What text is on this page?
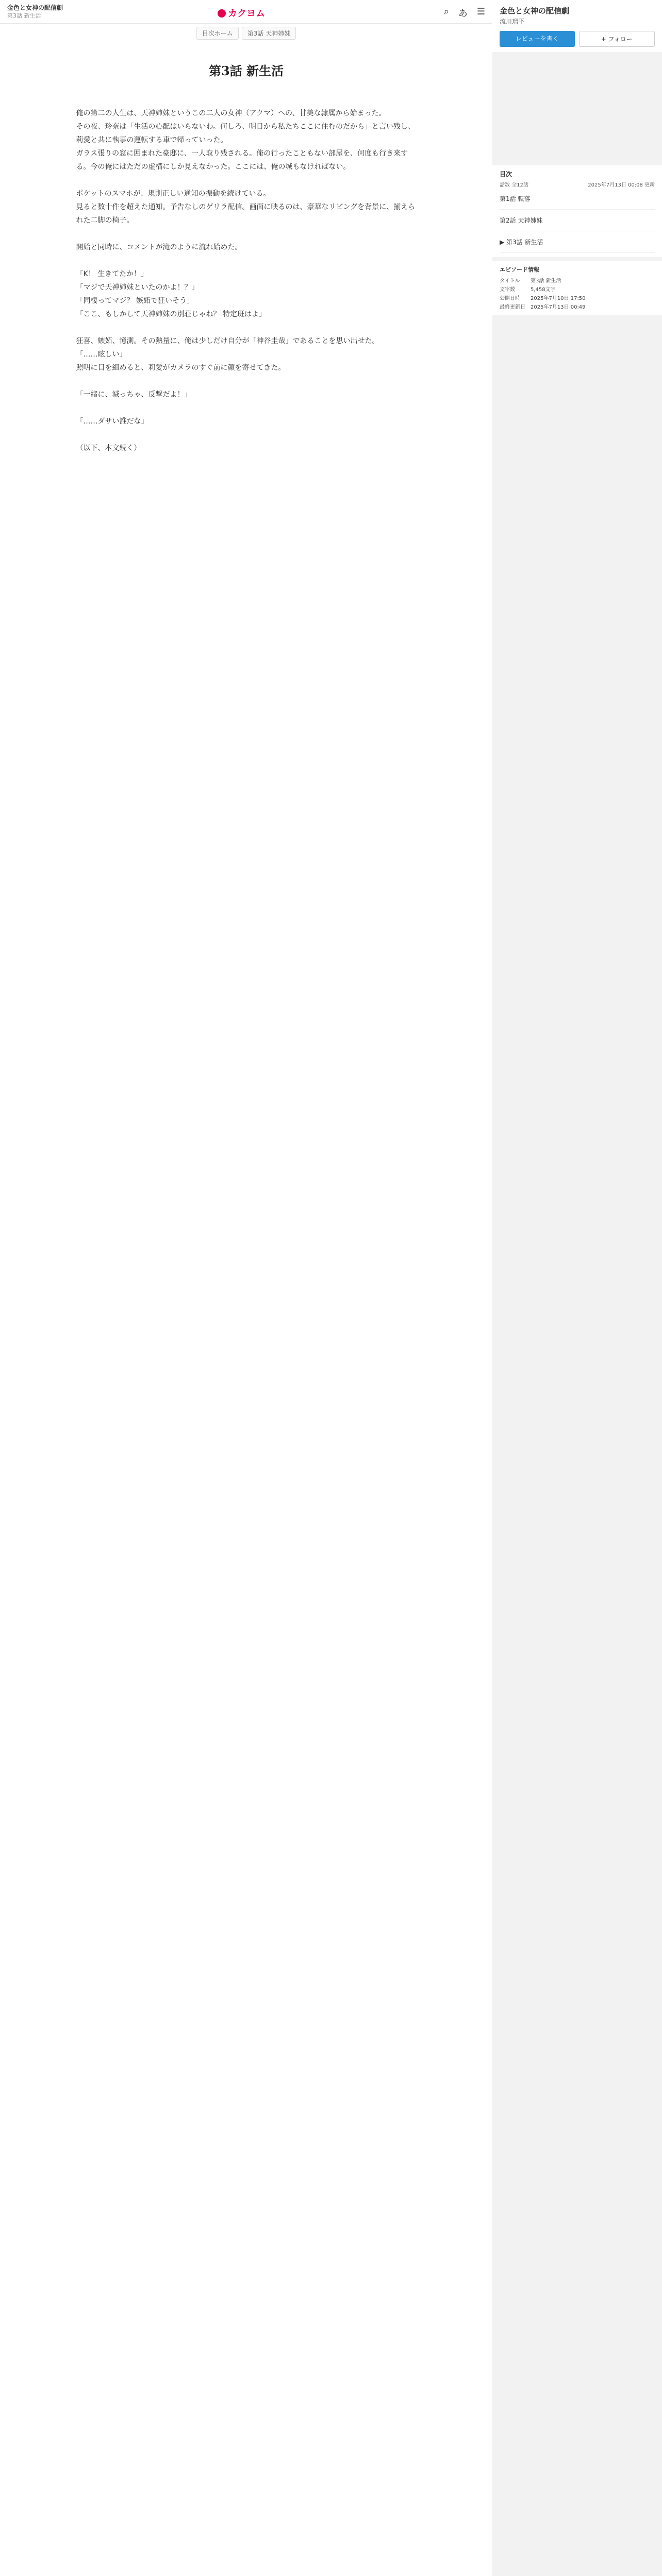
金色と女神の配信劇
第3話 新生活	カクヨム	⌕ あ ☰
目次ホーム	第3話 天神姉妹
第3話 新生活

俺の第二の人生は、天神姉妹というこの二人の女神（アクマ）への、甘美な隷属から始まった。

その夜、玲奈は「生活の心配はいらないわ。何しろ、明日から私たちここに住むのだから」と言い残し、莉愛と共に執事の運転する車で帰っていった。

ガラス張りの窓に囲まれた豪邸に、一人取り残される。俺の行ったこともない部屋を、何度も行き来する。今の俺にはただの虚構にしか見えなかった。ここには、俺の城もなければない。

ポケットのスマホが、規則正しい通知の振動を続けている。

見ると数十件を超えた通知。予告なしのゲリラ配信。画面に映るのは、豪華なリビングを背景に、揃えられた二脚の椅子。

開始と同時に、コメントが滝のように流れ始めた。

「K！ 生きてたか！」

「マジで天神姉妹といたのかよ！？」

「同棲ってマジ？ 嫉妬で狂いそう」

「ここ、もしかして天神姉妹の別荘じゃね？ 特定班はよ」

狂喜、嫉妬、憶測。その熱量に、俺は少しだけ自分が「神谷圭哉」であることを思い出せた。

「……眩しい」

照明に目を細めると、莉愛がカメラのすぐ前に顔を寄せてきた。

「一緒に、滅っちゃ、反撃だよ！」

「……ダサい誰だな」

（以下、本文続く）

金色と女神の配信劇
流川瑠平
レビューを書く	+ フォロー
目次
話数 全12話	2025年7月13日 00:08 更新
第1話 転落
第2話 天神姉妹
▶ 第3話 新生活
エピソード情報
タイトル	第3話 新生活
文字数	5,458文字
公開日時	2025年7月10日 17:50
最終更新日	2025年7月13日 00:49
